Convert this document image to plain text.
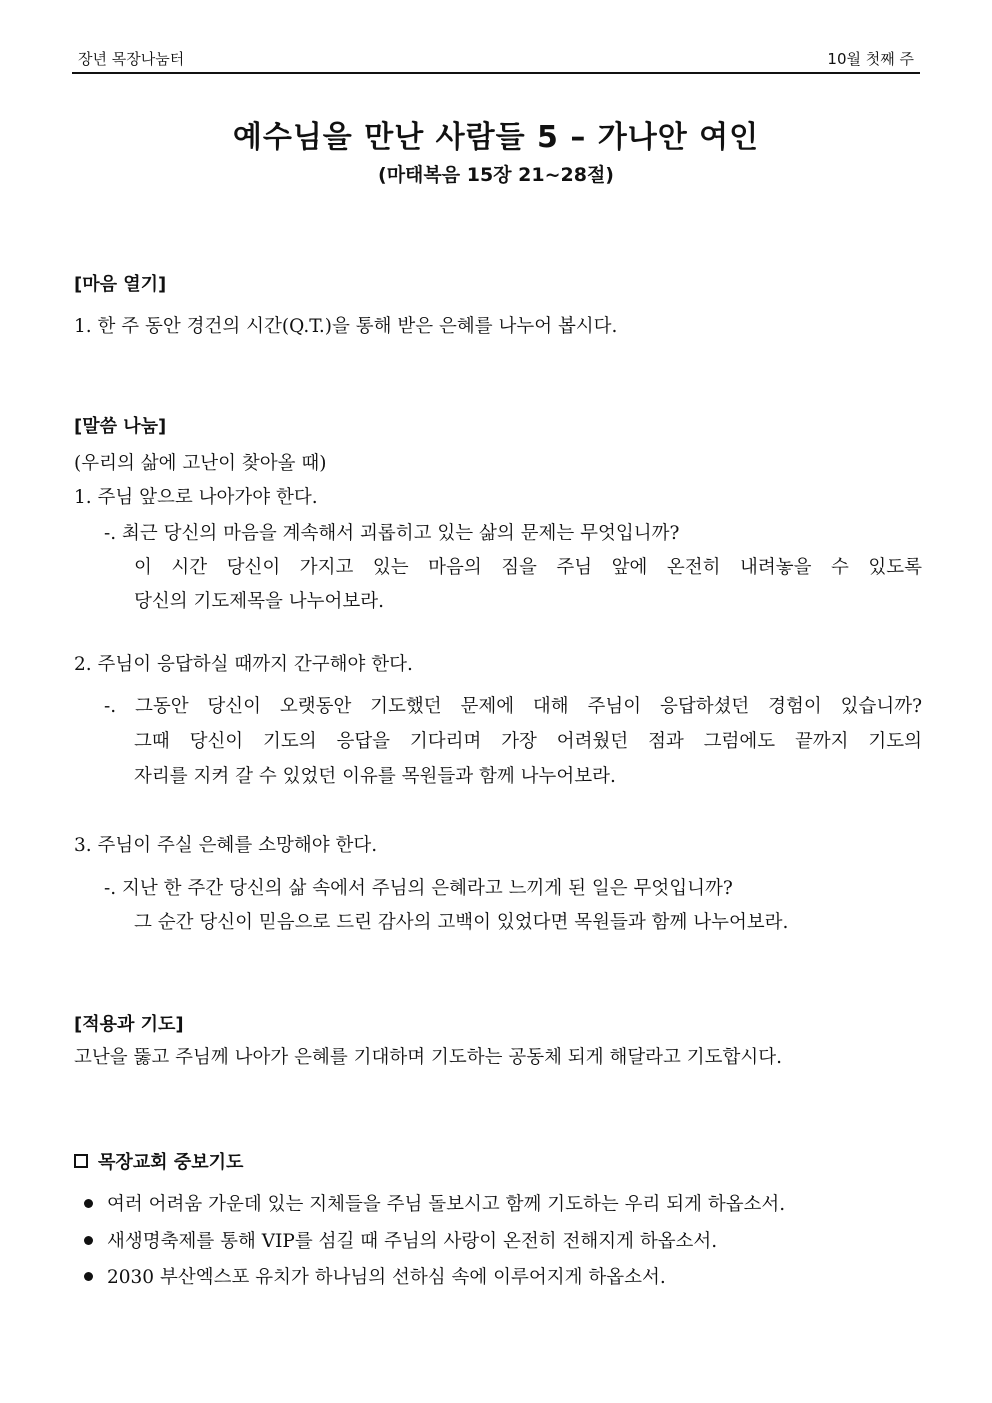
장년 목장나눔터	10월 첫째 주
예수님을 만난 사람들 5 – 가나안 여인
(마태복음 15장 21~28절)
[마음 열기]
1. 한 주 동안 경건의 시간(Q.T.)을 통해 받은 은혜를 나누어 봅시다.
[말씀 나눔]
(우리의 삶에 고난이 찾아올 때)
1. 주님 앞으로 나아가야 한다.
-. 최근 당신의 마음을 계속해서 괴롭히고 있는 삶의 문제는 무엇입니까?
이 시간 당신이 가지고 있는 마음의 짐을 주님 앞에 온전히 내려놓을 수 있도록
당신의 기도제목을 나누어보라.
2. 주님이 응답하실 때까지 간구해야 한다.
-. 그동안 당신이 오랫동안 기도했던 문제에 대해 주님이 응답하셨던 경험이 있습니까?
그때 당신이 기도의 응답을 기다리며 가장 어려웠던 점과 그럼에도 끝까지 기도의
자리를 지켜 갈 수 있었던 이유를 목원들과 함께 나누어보라.
3. 주님이 주실 은혜를 소망해야 한다.
-. 지난 한 주간 당신의 삶 속에서 주님의 은혜라고 느끼게 된 일은 무엇입니까?
그 순간 당신이 믿음으로 드린 감사의 고백이 있었다면 목원들과 함께 나누어보라.
[적용과 기도]
고난을 뚫고 주님께 나아가 은혜를 기대하며 기도하는 공동체 되게 해달라고 기도합시다.
목장교회 중보기도
여러 어려움 가운데 있는 지체들을 주님 돌보시고 함께 기도하는 우리 되게 하옵소서.
새생명축제를 통해 VIP를 섬길 때 주님의 사랑이 온전히 전해지게 하옵소서.
2030 부산엑스포 유치가 하나님의 선하심 속에 이루어지게 하옵소서.
